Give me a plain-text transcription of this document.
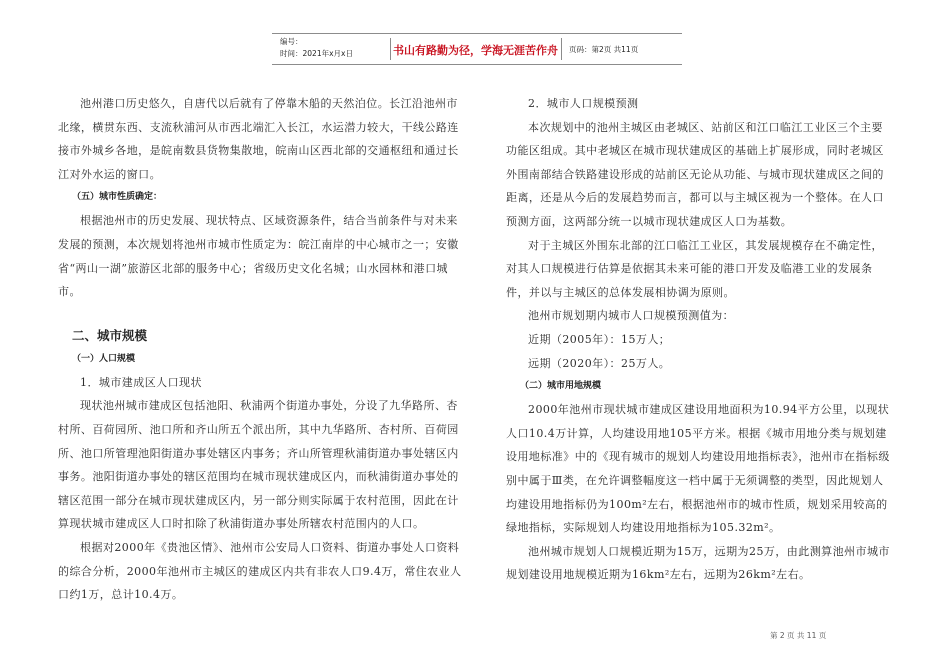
编号：
时间：2021年x月x日	书山有路勤为径，学海无涯苦作舟	页码：第2页 共11页

池州港口历史悠久，自唐代以后就有了停靠木船的天然泊位。长江沿池州市北缘，横贯东西、支流秋浦河从市西北端汇入长江，水运潜力较大，干线公路连接市外城乡各地，是皖南数县货物集散地，皖南山区西北部的交通枢纽和通过长江对外水运的窗口。

（五）城市性质确定：

根据池州市的历史发展、现状特点、区域资源条件，结合当前条件与对未来发展的预测，本次规划将池州市城市性质定为：皖江南岸的中心城市之一；安徽省“两山一湖”旅游区北部的服务中心；省级历史文化名城；山水园林和港口城市。

二、城市规模
（一）人口规模

1．城市建成区人口现状

现状池州城市建成区包括池阳、秋浦两个街道办事处，分设了九华路所、杏村所、百荷园所、池口所和齐山所五个派出所，其中九华路所、杏村所、百荷园所、池口所管理池阳街道办事处辖区内事务；齐山所管理秋浦街道办事处辖区内事务。池阳街道办事处的辖区范围均在城市现状建成区内，而秋浦街道办事处的辖区范围一部分在城市现状建成区内，另一部分则实际属于农村范围，因此在计算现状城市建成区人口时扣除了秋浦街道办事处所辖农村范围内的人口。

根据对2000年《贵池区情》、池州市公安局人口资料、街道办事处人口资料的综合分析，2000年池州市主城区的建成区内共有非农人口9.4万，常住农业人口约1万，总计10.4万。

2．城市人口规模预测

本次规划中的池州主城区由老城区、站前区和江口临江工业区三个主要功能区组成。其中老城区在城市现状建成区的基础上扩展形成，同时老城区外围南部结合铁路建设形成的站前区无论从功能、与城市现状建成区之间的距离，还是从今后的发展趋势而言，都可以与主城区视为一个整体。在人口预测方面，这两部分统一以城市现状建成区人口为基数。

对于主城区外围东北部的江口临江工业区，其发展规模存在不确定性，对其人口规模进行估算是依据其未来可能的港口开发及临港工业的发展条件，并以与主城区的总体发展相协调为原则。

池州市规划期内城市人口规模预测值为：

近期（2005年）：15万人；

远期（2020年）：25万人。

（二）城市用地规模

2000年池州市现状城市建成区建设用地面积为10.94平方公里，以现状人口10.4万计算，人均建设用地105平方米。根据《城市用地分类与规划建设用地标准》中的《现有城市的规划人均建设用地指标表》，池州市在指标级别中属于Ⅲ类，在允许调整幅度这一档中属于无须调整的类型，因此规划人均建设用地指标仍为100m²左右，根据池州市的城市性质，规划采用较高的绿地指标，实际规划人均建设用地指标为105.32m²。

池州城市规划人口规模近期为15万，远期为25万，由此测算池州市城市规划建设用地规模近期为16km²左右，远期为26km²左右。

第 2 页 共 11 页
